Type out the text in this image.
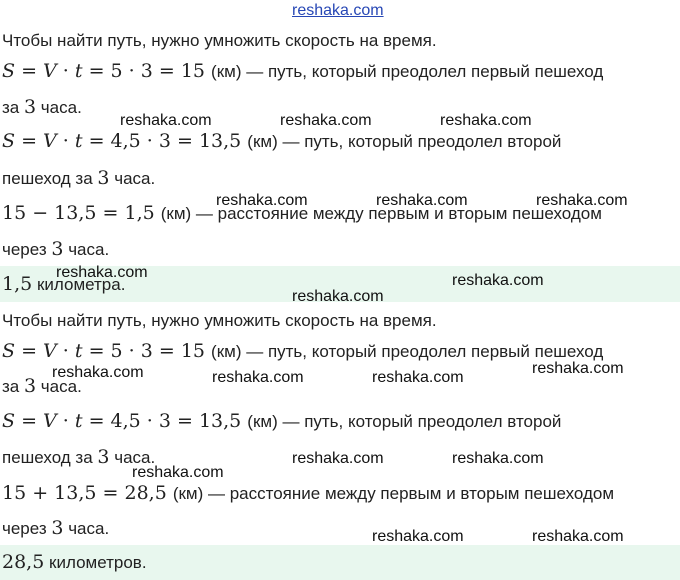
reshaka.com
Чтобы найти путь, нужно умножить скорость на время.
S = V · t = 5 · 3 = 15 (км) — путь, который преодолел первый пешеход
за 3 часа.
S = V · t = 4,5 · 3 = 13,5 (км) — путь, который преодолел второй
пешеход за 3 часа.
15 − 13,5 = 1,5 (км) — расстояние между первым и вторым пешеходом
через 3 часа.
1,5 километра.
Чтобы найти путь, нужно умножить скорость на время.
S = V · t = 5 · 3 = 15 (км) — путь, который преодолел первый пешеход
за 3 часа.
S = V · t = 4,5 · 3 = 13,5 (км) — путь, который преодолел второй
пешеход за 3 часа.
15 + 13,5 = 28,5 (км) — расстояние между первым и вторым пешеходом
через 3 часа.
28,5 километров.
reshaka.com	reshaka.com	reshaka.com
reshaka.com	reshaka.com	reshaka.com
reshaka.com	reshaka.com
reshaka.com
reshaka.com	reshaka.com	reshaka.com
reshaka.com
reshaka.com	reshaka.com
reshaka.com
reshaka.com	reshaka.com
